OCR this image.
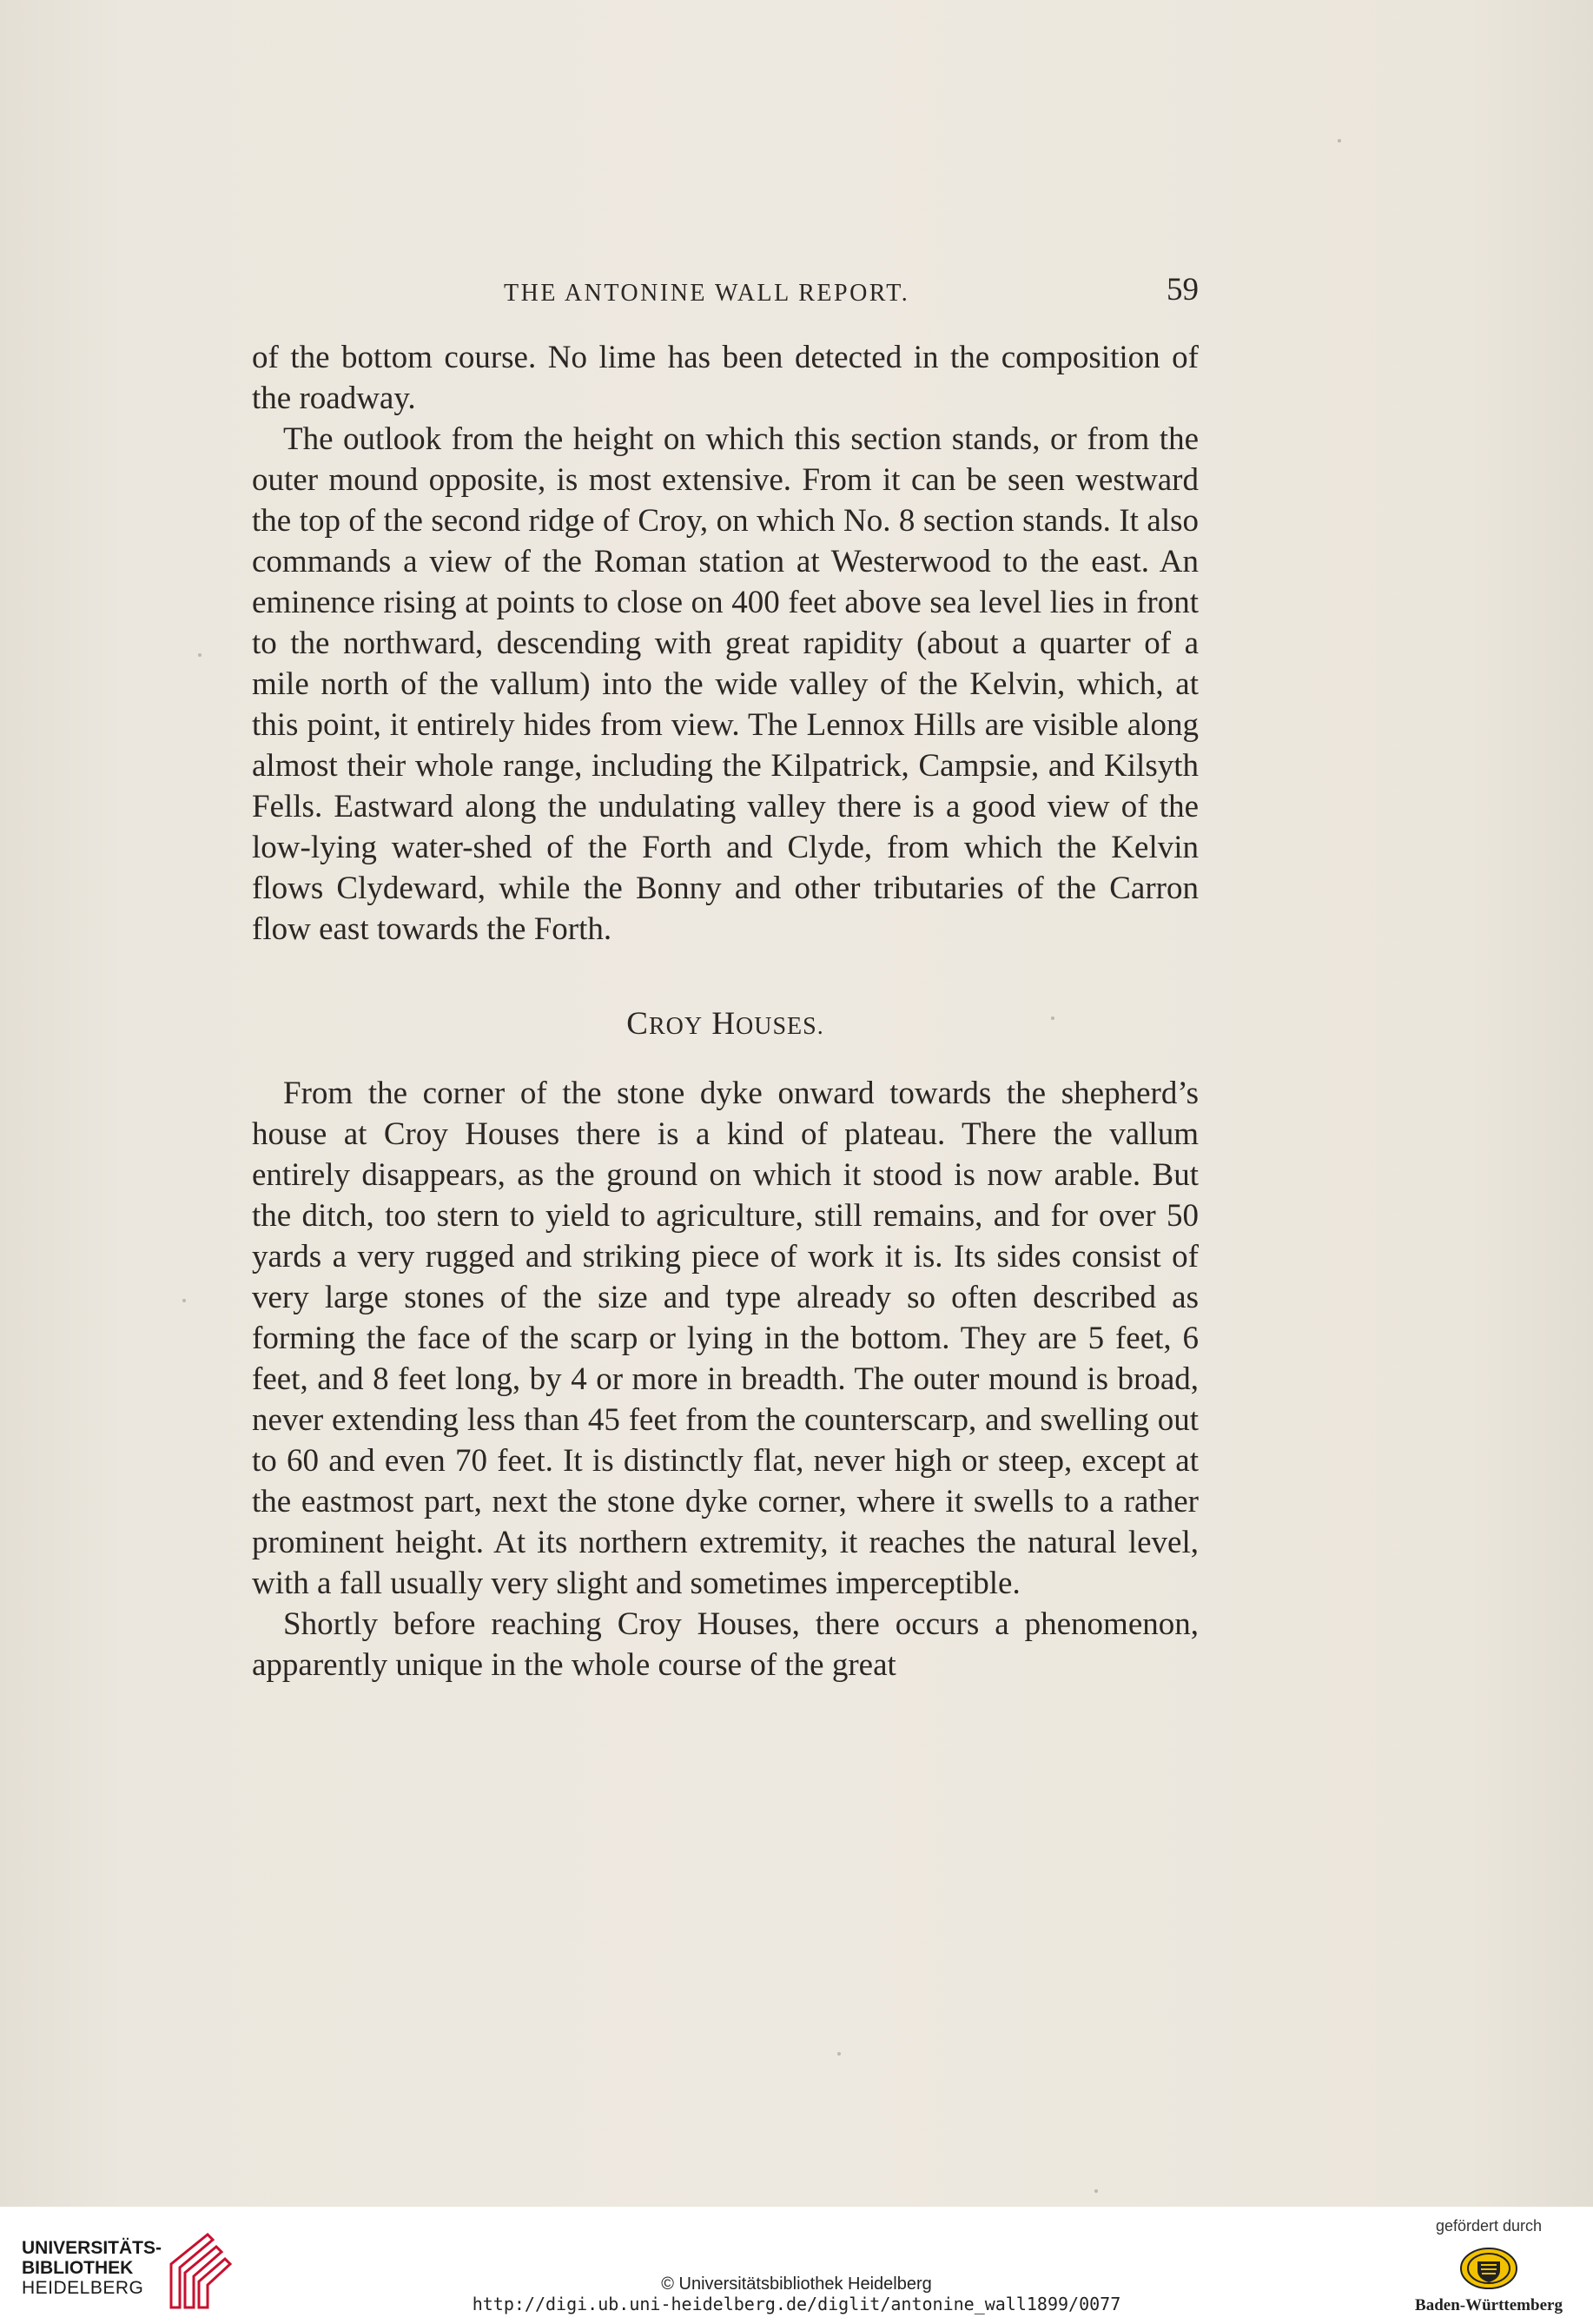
THE ANTONINE WALL REPORT.	59

of the bottom course. No lime has been detected in the composition of the roadway.

The outlook from the height on which this section stands, or from the outer mound opposite, is most extensive. From it can be seen westward the top of the second ridge of Croy, on which No. 8 section stands. It also commands a view of the Roman station at Westerwood to the east. An eminence rising at points to close on 400 feet above sea level lies in front to the northward, descending with great rapidity (about a quarter of a mile north of the vallum) into the wide valley of the Kelvin, which, at this point, it entirely hides from view. The Lennox Hills are visible along almost their whole range, including the Kilpatrick, Campsie, and Kilsyth Fells. Eastward along the undulating valley there is a good view of the low-lying water-shed of the Forth and Clyde, from which the Kelvin flows Clydeward, while the Bonny and other tributaries of the Carron flow east towards the Forth.

CROY HOUSES.

From the corner of the stone dyke onward towards the shepherd’s house at Croy Houses there is a kind of plateau. There the vallum entirely disappears, as the ground on which it stood is now arable. But the ditch, too stern to yield to agriculture, still remains, and for over 50 yards a very rugged and striking piece of work it is. Its sides consist of very large stones of the size and type already so often described as forming the face of the scarp or lying in the bottom. They are 5 feet, 6 feet, and 8 feet long, by 4 or more in breadth. The outer mound is broad, never extending less than 45 feet from the counterscarp, and swelling out to 60 and even 70 feet. It is distinctly flat, never high or steep, except at the eastmost part, next the stone dyke corner, where it swells to a rather prominent height. At its northern extremity, it reaches the natural level, with a fall usually very slight and sometimes imperceptible.

Shortly before reaching Croy Houses, there occurs a phenomenon, apparently unique in the whole course of the great

UNIVERSITÄTS-
BIBLIOTHEK
HEIDELBERG	© Universitätsbibliothek Heidelberg
http://digi.ub.uni-heidelberg.de/diglit/antonine_wall1899/0077
gefördert durch
Baden-Württemberg
